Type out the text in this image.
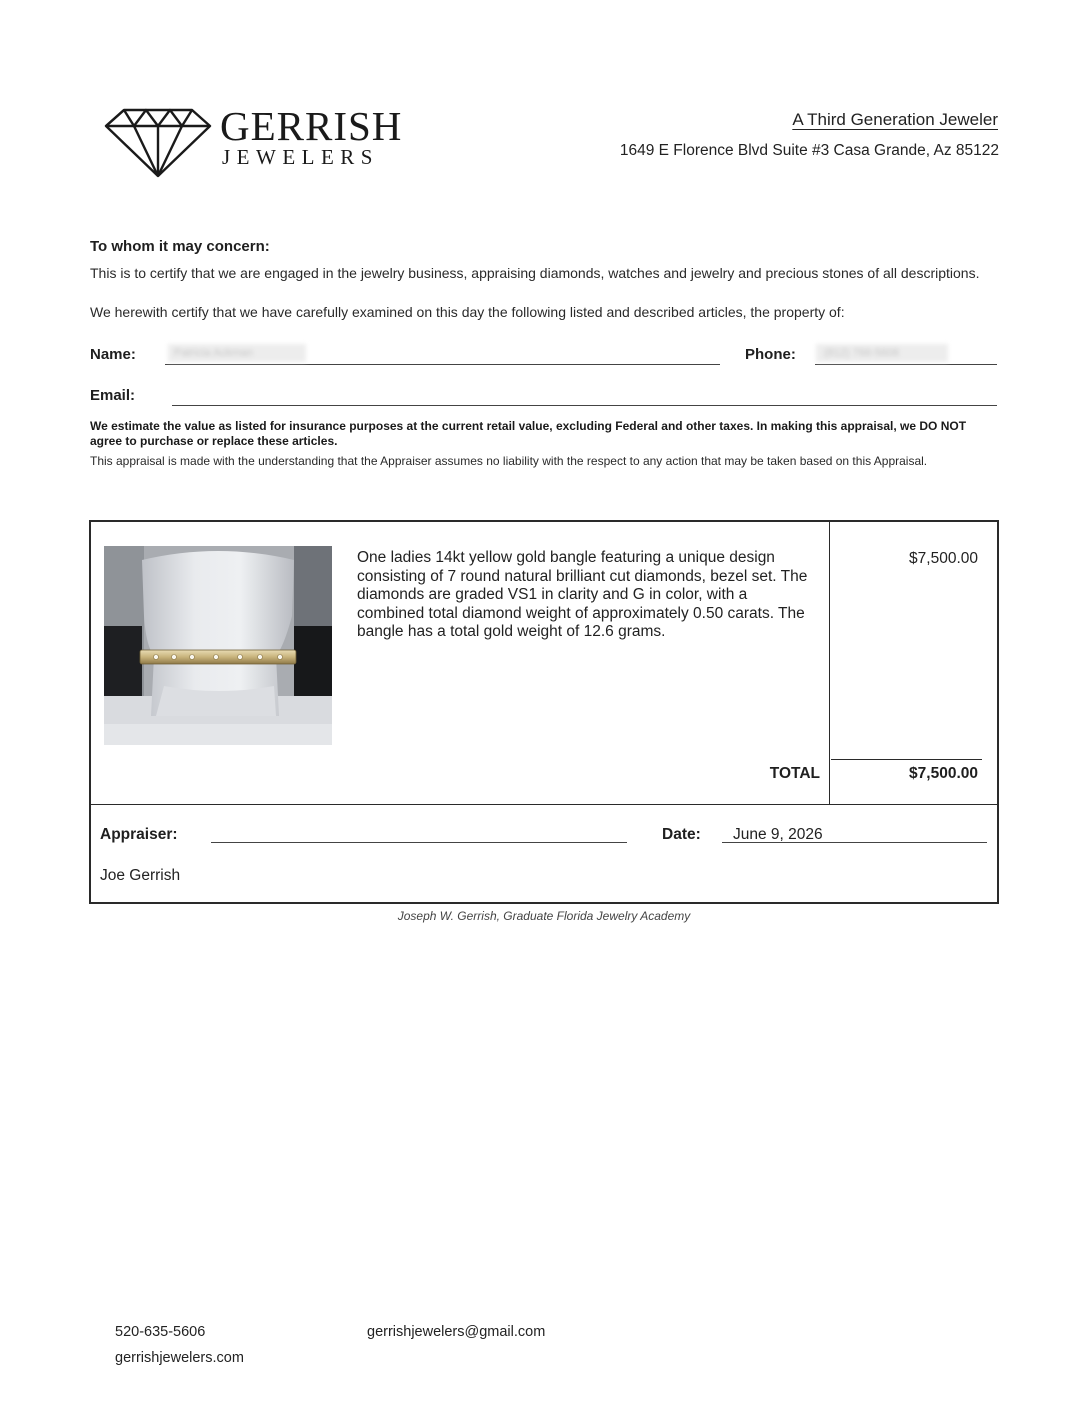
GERRISH
JEWELERS
A Third Generation Jeweler
1649 E Florence Blvd Suite #3 Casa Grande, Az 85122
To whom it may concern:
This is to certify that we are engaged in the jewelry business, appraising diamonds, watches and jewelry and precious stones of all descriptions.
We herewith certify that we have carefully examined on this day the following listed and described articles, the property of:
Name:	Patricia Ackman	Phone:	(812) 766-5606
Email:
We estimate the value as listed for insurance purposes at the current retail value, excluding Federal and other taxes. In making this appraisal, we DO NOT agree to purchase or replace these articles.
This appraisal is made with the understanding that the Appraiser assumes no liability with the respect to any action that may be taken based on this Appraisal.
One ladies 14kt yellow gold bangle featuring a unique design consisting of 7 round natural brilliant cut diamonds, bezel set. The diamonds are graded VS1 in clarity and G in color, with a combined total diamond weight of approximately 0.50 carats. The bangle has a total gold weight of 12.6 grams.
$7,500.00
TOTAL	$7,500.00
Appraiser:	Date: June 9, 2026
Joe Gerrish
Joseph W. Gerrish, Graduate Florida Jewelry Academy
520-635-5606	gerrishjewelers@gmail.com
gerrishjewelers.com
